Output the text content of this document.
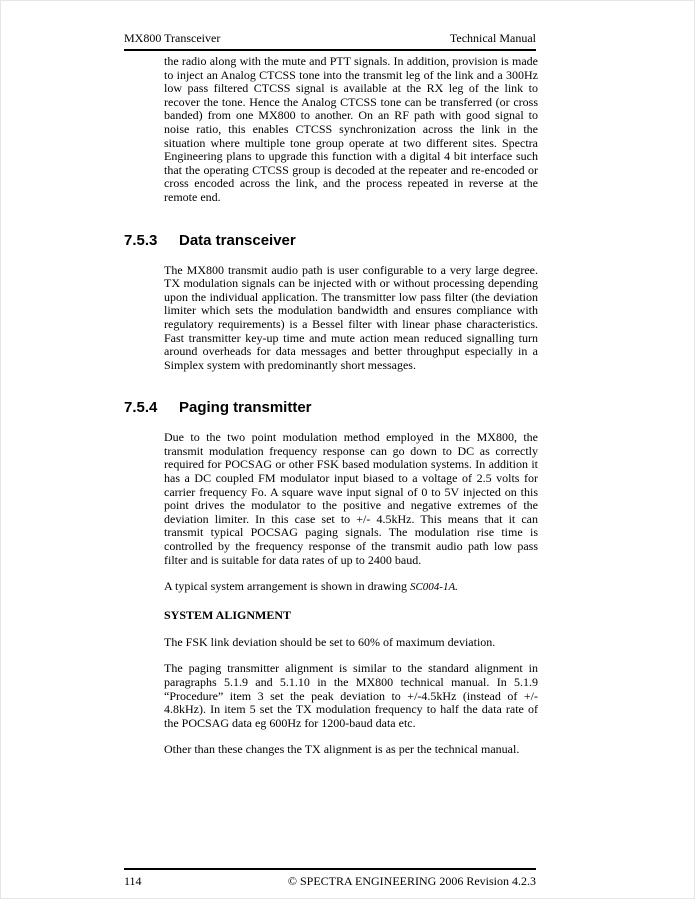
MX800 Transceiver	Technical Manual

the radio along with the mute and PTT signals. In addition, provision is made to inject an Analog CTCSS tone into the transmit leg of the link and a 300Hz low pass filtered CTCSS signal is available at the RX leg of the link to recover the tone. Hence the Analog CTCSS tone can be transferred (or cross banded) from one MX800 to another. On an RF path with good signal to noise ratio, this enables CTCSS synchronization across the link in the situation where multiple tone group operate at two different sites. Spectra Engineering plans to upgrade this function with a digital 4 bit interface such that the operating CTCSS group is decoded at the repeater and re-encoded or cross encoded across the link, and the process repeated in reverse at the remote end.

7.5.3 Data transceiver

The MX800 transmit audio path is user configurable to a very large degree. TX modulation signals can be injected with or without processing depending upon the individual application. The transmitter low pass filter (the deviation limiter which sets the modulation bandwidth and ensures compliance with regulatory requirements) is a Bessel filter with linear phase characteristics. Fast transmitter key-up time and mute action mean reduced signalling turn around overheads for data messages and better throughput especially in a Simplex system with predominantly short messages.

7.5.4 Paging transmitter

Due to the two point modulation method employed in the MX800, the transmit modulation frequency response can go down to DC as correctly required for POCSAG or other FSK based modulation systems. In addition it has a DC coupled FM modulator input biased to a voltage of 2.5 volts for carrier frequency Fo. A square wave input signal of 0 to 5V injected on this point drives the modulator to the positive and negative extremes of the deviation limiter. In this case set to +/- 4.5kHz. This means that it can transmit typical POCSAG paging signals. The modulation rise time is controlled by the frequency response of the transmit audio path low pass filter and is suitable for data rates of up to 2400 baud.

A typical system arrangement is shown in drawing SC004-1A.

SYSTEM ALIGNMENT

The FSK link deviation should be set to 60% of maximum deviation.

The paging transmitter alignment is similar to the standard alignment in paragraphs 5.1.9 and 5.1.10 in the MX800 technical manual. In 5.1.9 “Procedure” item 3 set the peak deviation to +/-4.5kHz (instead of +/- 4.8kHz). In item 5 set the TX modulation frequency to half the data rate of the POCSAG data eg 600Hz for 1200-baud data etc.

Other than these changes the TX alignment is as per the technical manual.

114	© SPECTRA ENGINEERING 2006 Revision 4.2.3
